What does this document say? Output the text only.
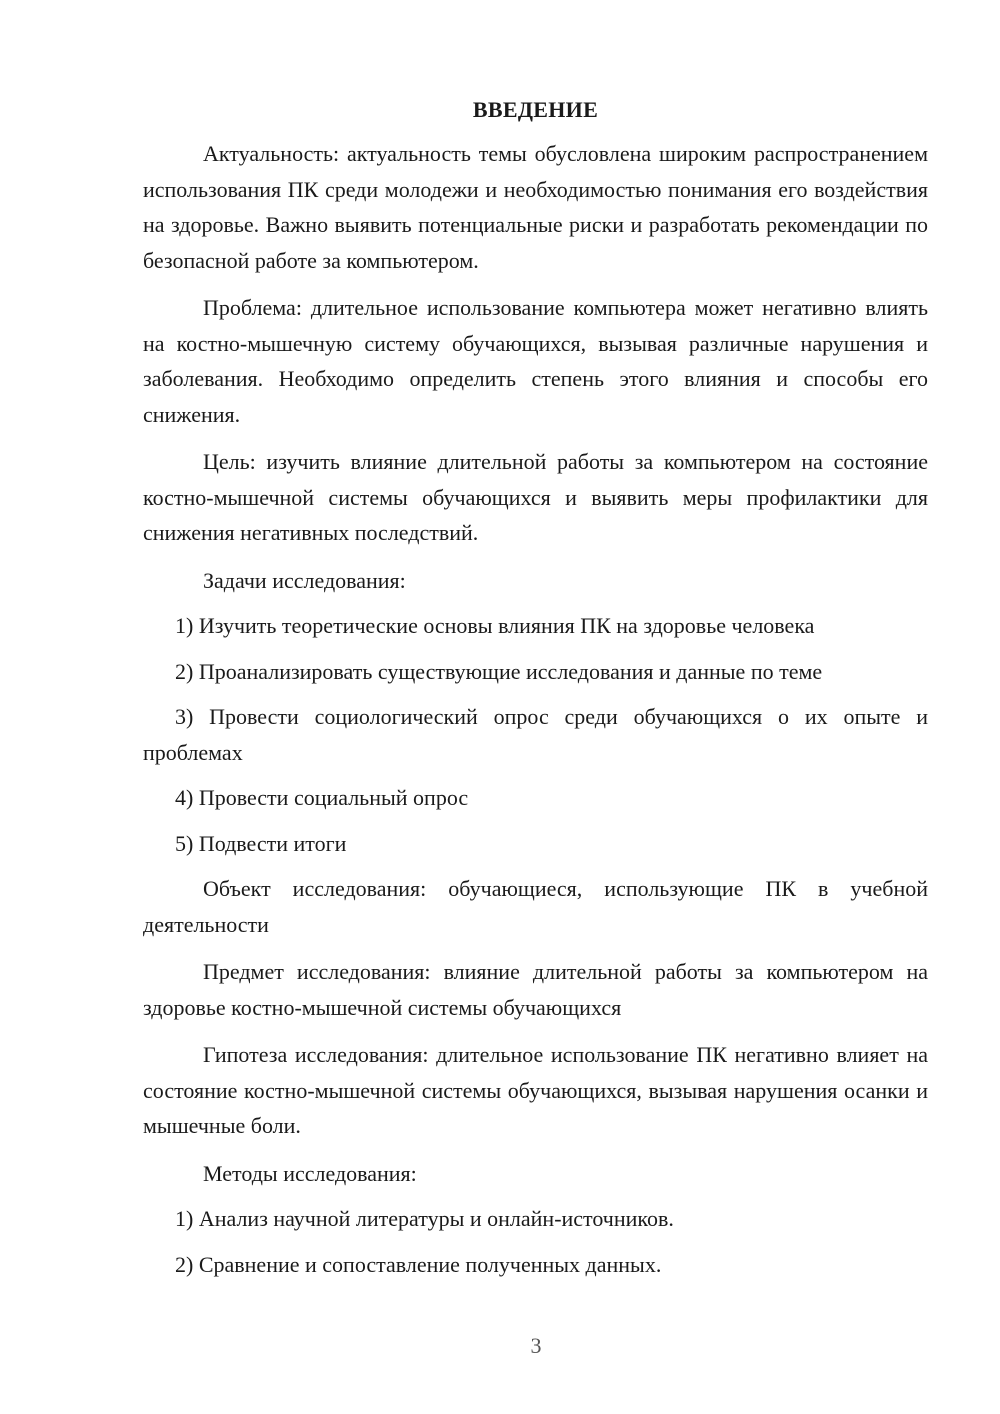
ВВЕДЕНИЕ

Актуальность: актуальность темы обусловлена широким распространением использования ПК среди молодежи и необходимостью понимания его воздействия на здоровье. Важно выявить потенциальные риски и разработать рекомендации по безопасной работе за компьютером.

Проблема: длительное использование компьютера может негативно влиять на костно-мышечную систему обучающихся, вызывая различные нарушения и заболевания. Необходимо определить степень этого влияния и способы его снижения.

Цель: изучить влияние длительной работы за компьютером на состояние костно-мышечной системы обучающихся и выявить меры профилактики для снижения негативных последствий.

Задачи исследования:

1) Изучить теоретические основы влияния ПК на здоровье человека

2) Проанализировать существующие исследования и данные по теме

3) Провести социологический опрос среди обучающихся о их опыте и проблемах

4) Провести социальный опрос

5) Подвести итоги

Объект исследования: обучающиеся, использующие ПК в учебной деятельности

Предмет исследования: влияние длительной работы за компьютером на здоровье костно-мышечной системы обучающихся

Гипотеза исследования: длительное использование ПК негативно влияет на состояние костно-мышечной системы обучающихся, вызывая нарушения осанки и мышечные боли.

Методы исследования:

1) Анализ научной литературы и онлайн-источников.

2) Сравнение и сопоставление полученных данных.

3
